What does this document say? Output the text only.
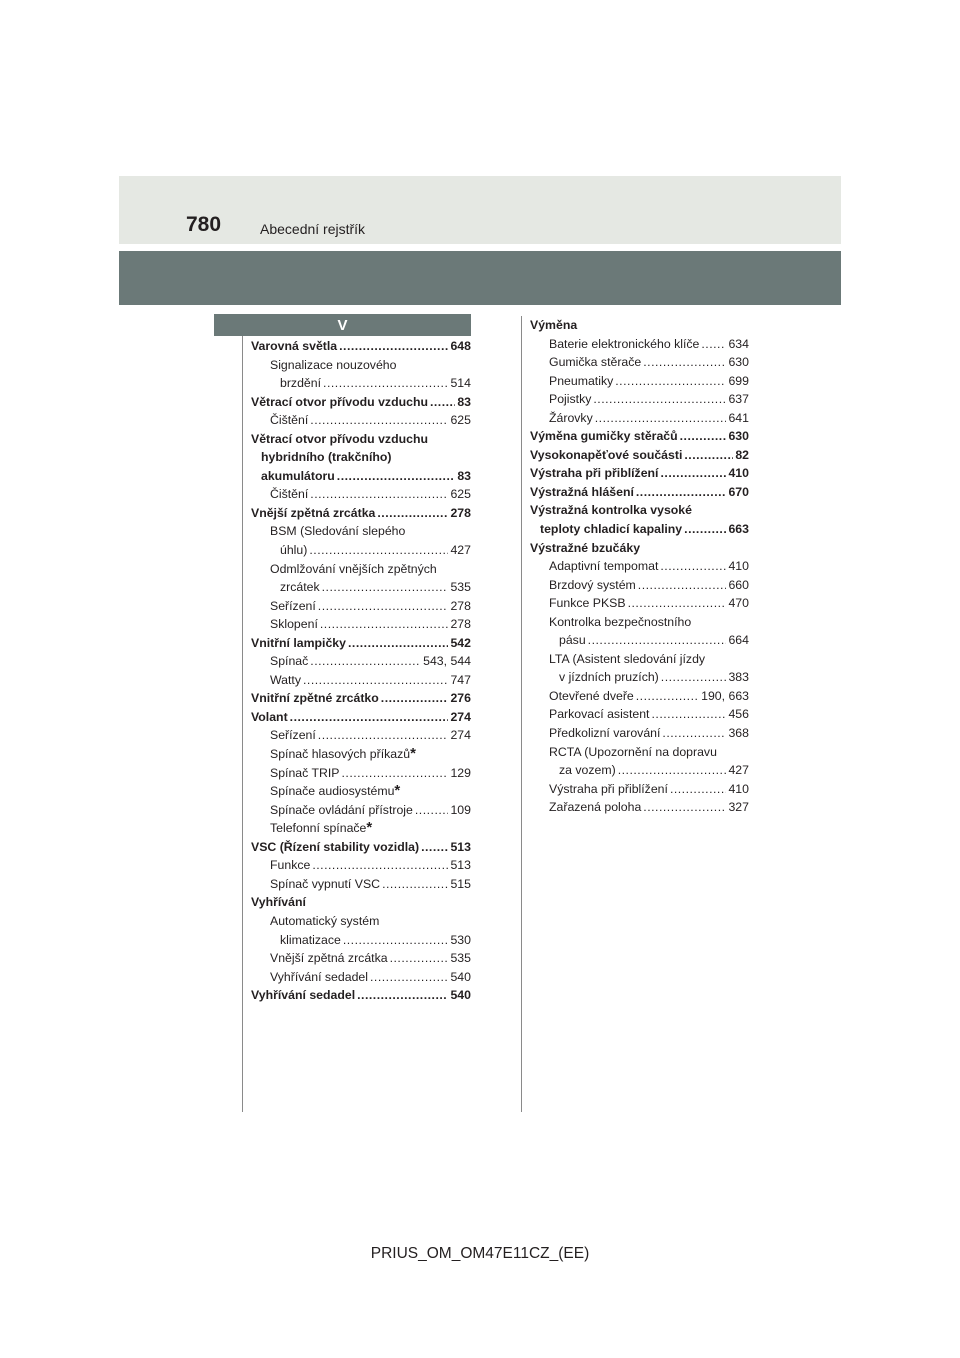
780	Abecední rejstřík
V
Varovná světla .....	648
Signalizace nouzového
brzdění .....	514
Větrací otvor přívodu vzduchu ..... 83
Čištění .....	625
Větrací otvor přívodu vzduchu
hybridního (trakčního)
akumulátoru .....	83
Čištění .....	625
Vnější zpětná zrcátka .....	278
BSM (Sledování slepého
úhlu) .....	427
Odmlžování vnějších zpětných
zrcátek .....	535
Seřízení .....	278
Sklopení .....	278
Vnitřní lampičky .....	542
Spínač .....	543, 544
Watty .....	747
Vnitřní zpětné zrcátko .....	276
Volant .....	274
Seřízení .....	274
Spínač hlasových příkazů *
Spínač TRIP .....	129
Spínače audiosystému *
Spínače ovládání přístroje .....	109
Telefonní spínače *
VSC (Řízení stability vozidla) .....	513
Funkce .....	513
Spínač vypnutí VSC .....	515
Vyhřívání
Automatický systém
klimatizace .....	530
Vnější zpětná zrcátka .....	535
Vyhřívání sedadel .....	540
Vyhřívání sedadel .....	540
Výměna
Baterie elektronického klíče ..... 634
Gumička stěrače .....	630
Pneumatiky .....	699
Pojistky .....	637
Žárovky .....	641
Výměna gumičky stěračů .....	630
Vysokonapěťové součásti .....	82
Výstraha při přiblížení .....	410
Výstražná hlášení .....	670
Výstražná kontrolka vysoké
teploty chladicí kapaliny .....	663
Výstražné bzučáky
Adaptivní tempomat .....	410
Brzdový systém .....	660
Funkce PKSB .....	470
Kontrolka bezpečnostního
pásu .....	664
LTA (Asistent sledování jízdy
v jízdních pruzích) .....	383
Otevřené dveře .....	190, 663
Parkovací asistent .....	456
Předkolizní varování .....	368
RCTA (Upozornění na dopravu
za vozem) .....	427
Výstraha při přiblížení .....	410
Zařazená poloha .....	327
PRIUS_OM_OM47E11CZ_(EE)
